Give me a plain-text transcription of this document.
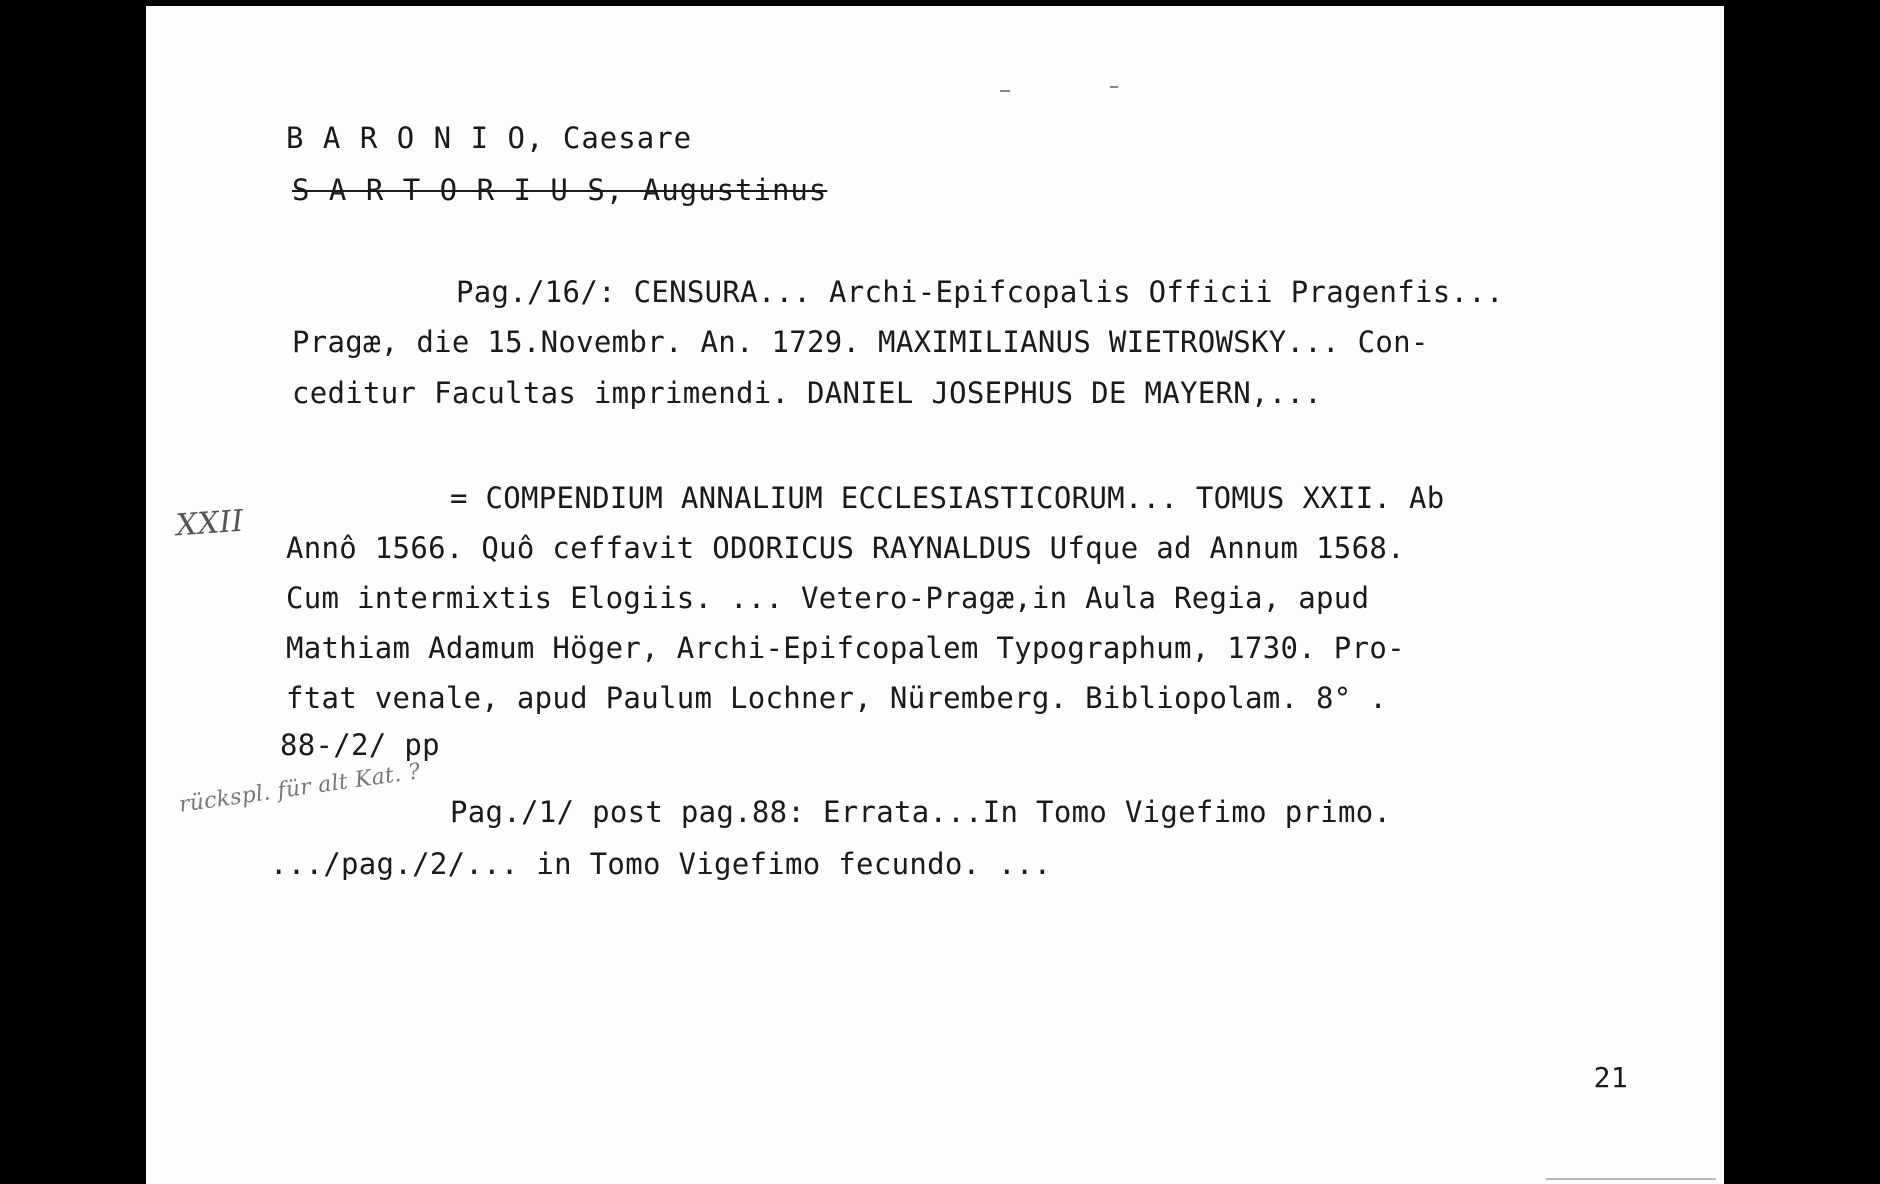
B A R O N I O, Caesare
S A R T O R I U S, Augustinus
Pag./16/: CENSURA... Archi-Epifcopalis Officii Pragenfis...
Pragæ, die 15.Novembr. An. 1729. MAXIMILIANUS WIETROWSKY... Con-
ceditur Facultas imprimendi. DANIEL JOSEPHUS DE MAYERN,...
XXII
= COMPENDIUM ANNALIUM ECCLESIASTICORUM... TOMUS XXII. Ab
Annô 1566. Quô ceffavit ODORICUS RAYNALDUS Ufque ad Annum 1568.
Cum intermixtis Elogiis. ... Vetero-Pragæ,in Aula Regia, apud
Mathiam Adamum Höger, Archi-Epifcopalem Typographum, 1730. Pro-
ftat venale, apud Paulum Lochner, Nüremberg. Bibliopolam. 8° .
88-/2/ pp
rückspl. für alt Kat. ? Pag./1/ post pag.88: Errata...In Tomo Vigefimo primo.
.../pag./2/... in Tomo Vigefimo fecundo. ...
21
